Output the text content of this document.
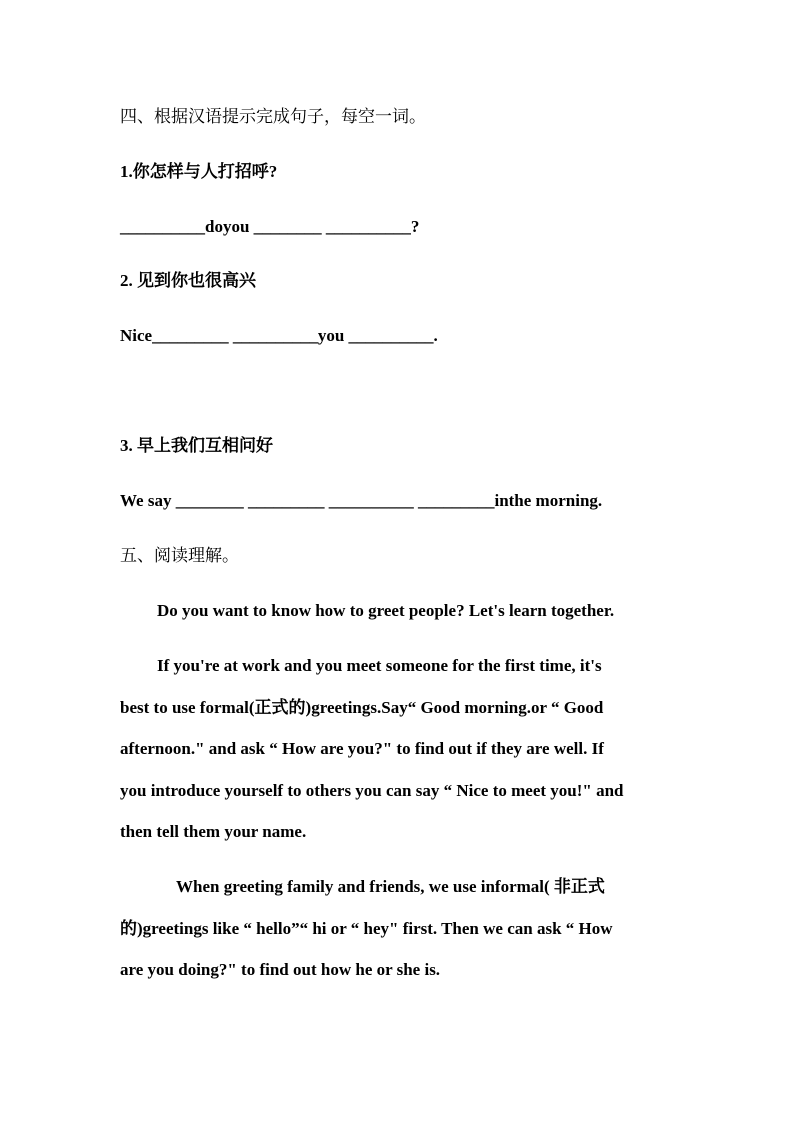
四、根据汉语提示完成句子，每空一词。
1.你怎样与人打招呼?
__________doyou ________ __________?
2. 见到你也很高兴
Nice_________ __________you __________.
3. 早上我们互相问好
We say ________ _________ __________ _________inthe morning.
五、阅读理解。
Do you want to know how to greet people? Let's learn together.
If you're at work and you meet someone for the first time, it's
best to use formal(正式的)greetings.Say“ Good morning.or “ Good
afternoon." and ask “ How are you?" to find out if they are well. If
you introduce yourself to others you can say “ Nice to meet you!" and
then tell them your name.
When greeting family and friends, we use informal( 非正式
的)greetings like “ hello”“ hi or “ hey" first. Then we can ask “ How
are you doing?" to find out how he or she is.
